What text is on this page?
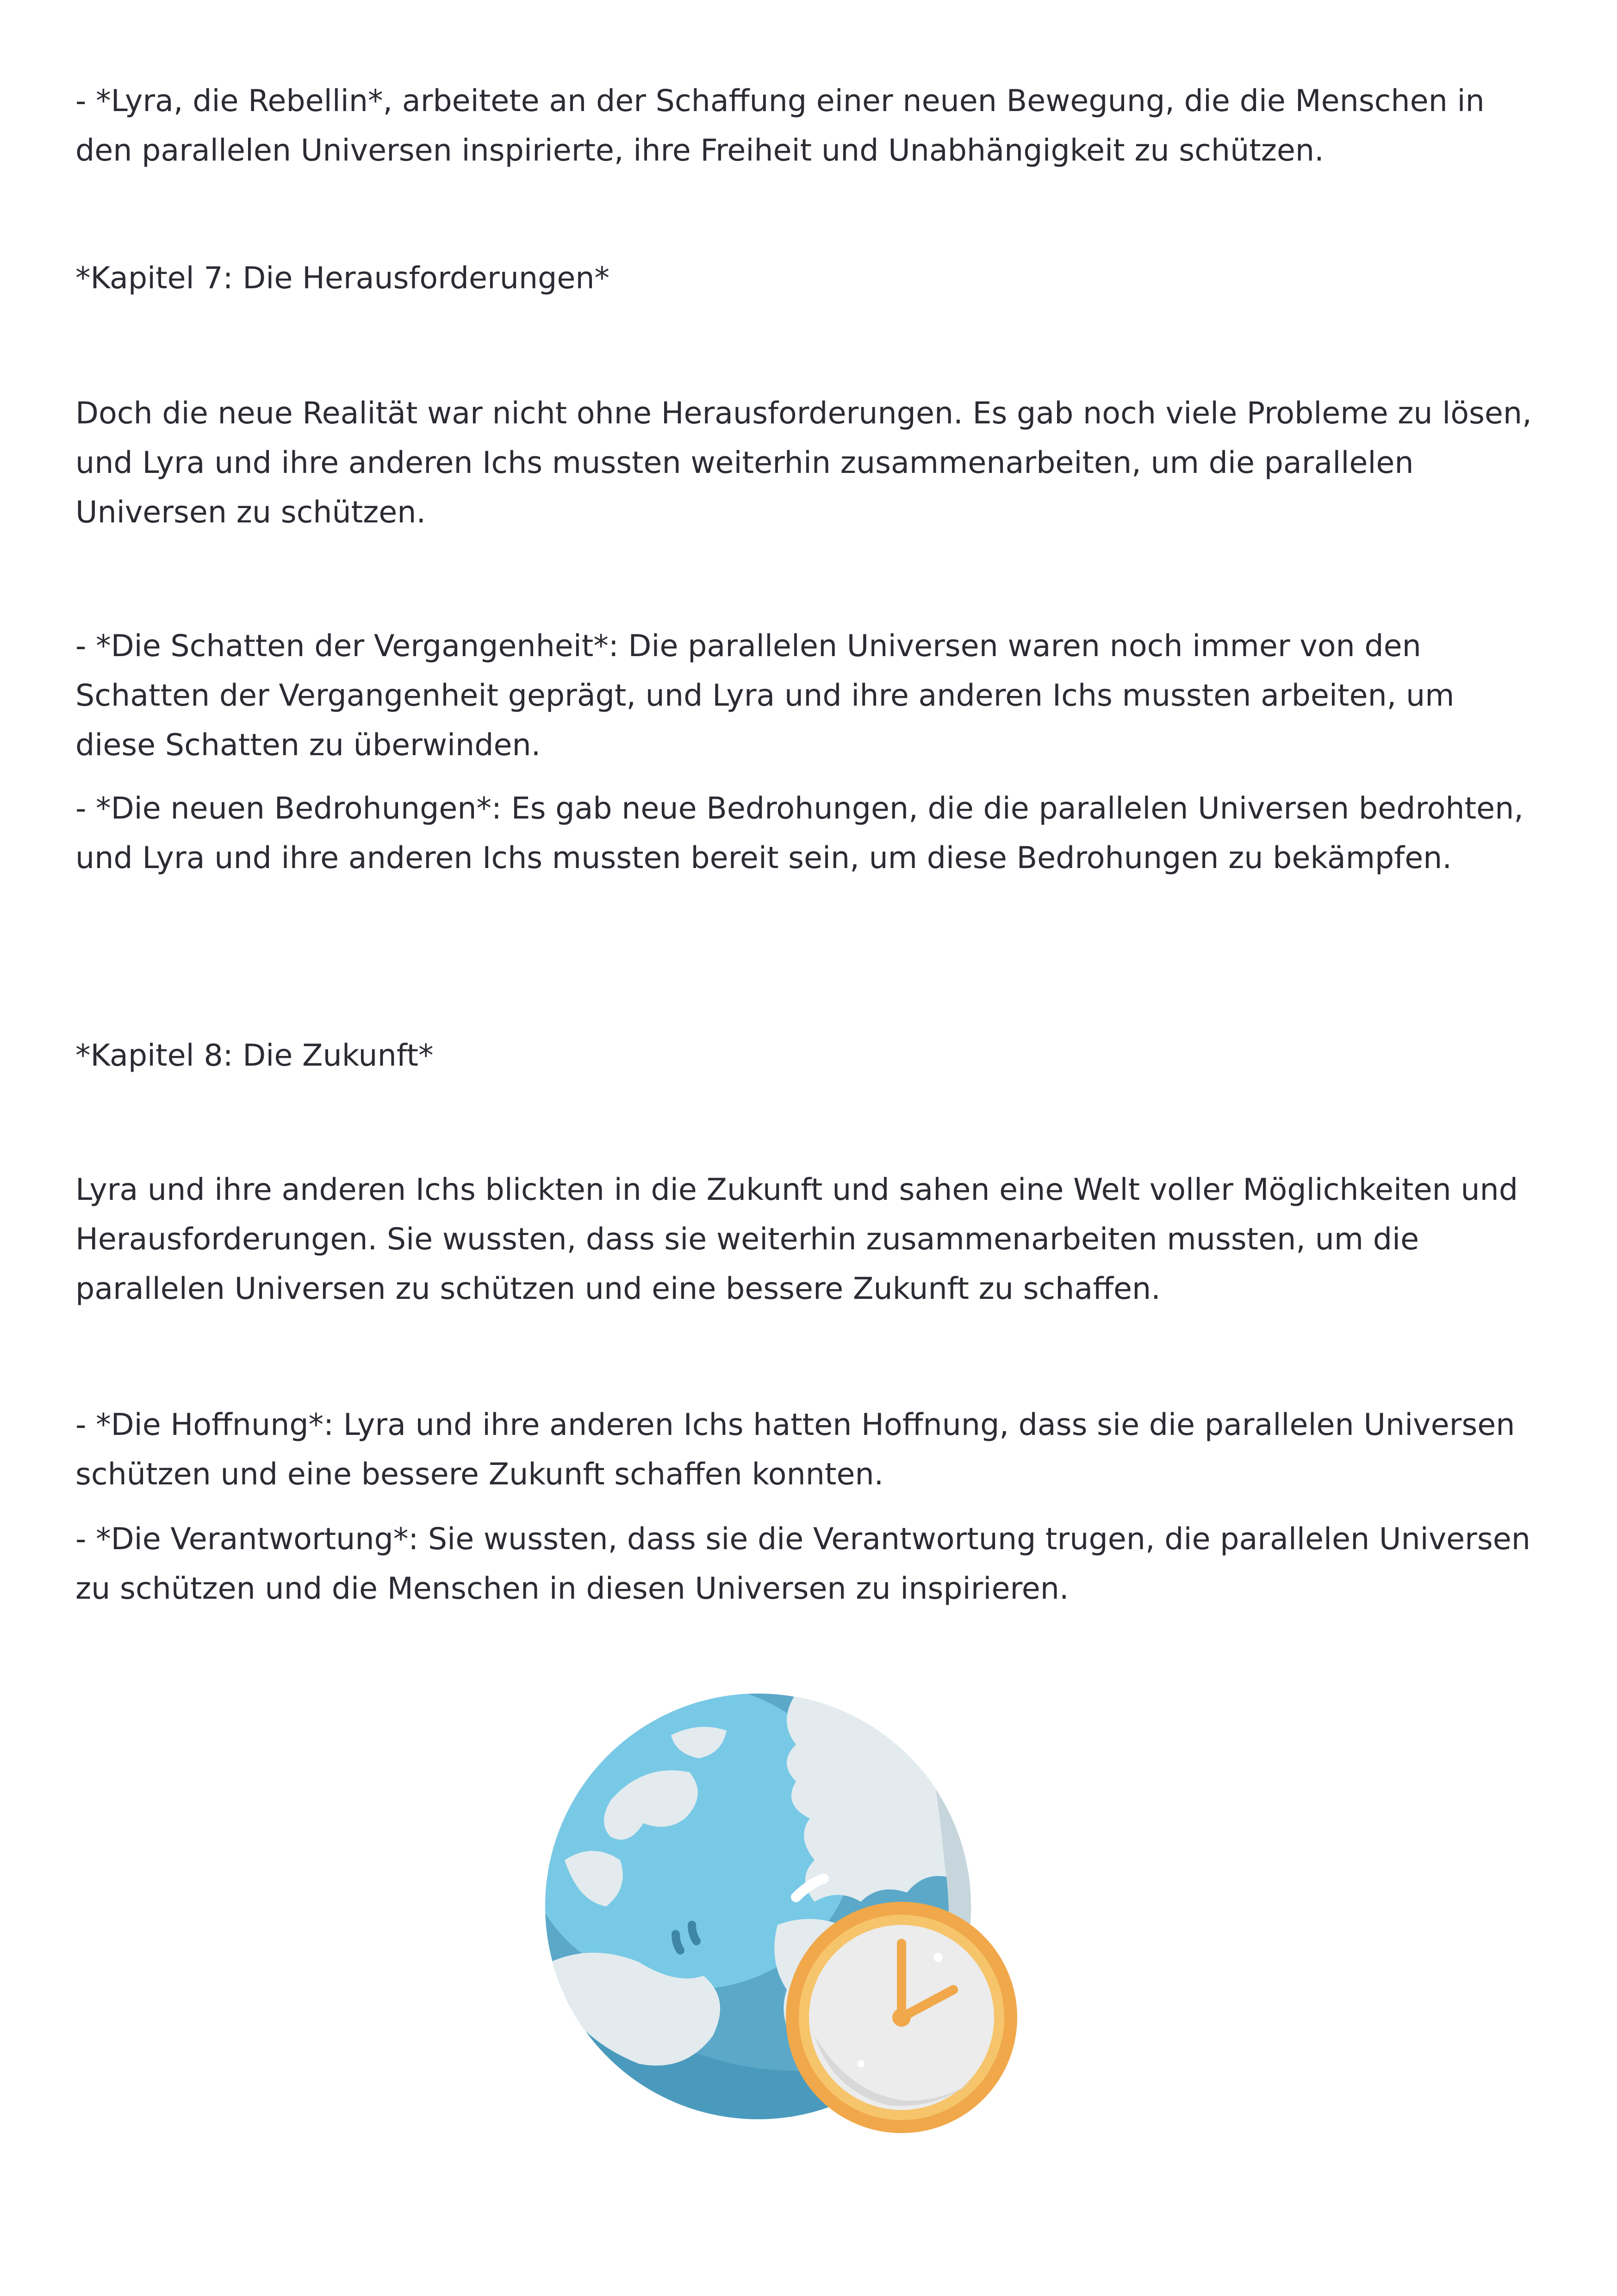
- *Lyra, die Rebellin*, arbeitete an der Schaffung einer neuen Bewegung, die die Menschen in den parallelen Universen inspirierte, ihre Freiheit und Unabhängigkeit zu schützen.

*Kapitel 7: Die Herausforderungen*

Doch die neue Realität war nicht ohne Herausforderungen. Es gab noch viele Probleme zu lösen, und Lyra und ihre anderen Ichs mussten weiterhin zusammenarbeiten, um die parallelen Universen zu schützen.

- *Die Schatten der Vergangenheit*: Die parallelen Universen waren noch immer von den Schatten der Vergangenheit geprägt, und Lyra und ihre anderen Ichs mussten arbeiten, um diese Schatten zu überwinden.

- *Die neuen Bedrohungen*: Es gab neue Bedrohungen, die die parallelen Universen bedrohten, und Lyra und ihre anderen Ichs mussten bereit sein, um diese Bedrohungen zu bekämpfen.

*Kapitel 8: Die Zukunft*

Lyra und ihre anderen Ichs blickten in die Zukunft und sahen eine Welt voller Möglichkeiten und Herausforderungen. Sie wussten, dass sie weiterhin zusammenarbeiten mussten, um die parallelen Universen zu schützen und eine bessere Zukunft zu schaffen.

- *Die Hoffnung*: Lyra und ihre anderen Ichs hatten Hoffnung, dass sie die parallelen Universen schützen und eine bessere Zukunft schaffen konnten.

- *Die Verantwortung*: Sie wussten, dass sie die Verantwortung trugen, die parallelen Universen zu schützen und die Menschen in diesen Universen zu inspirieren.
